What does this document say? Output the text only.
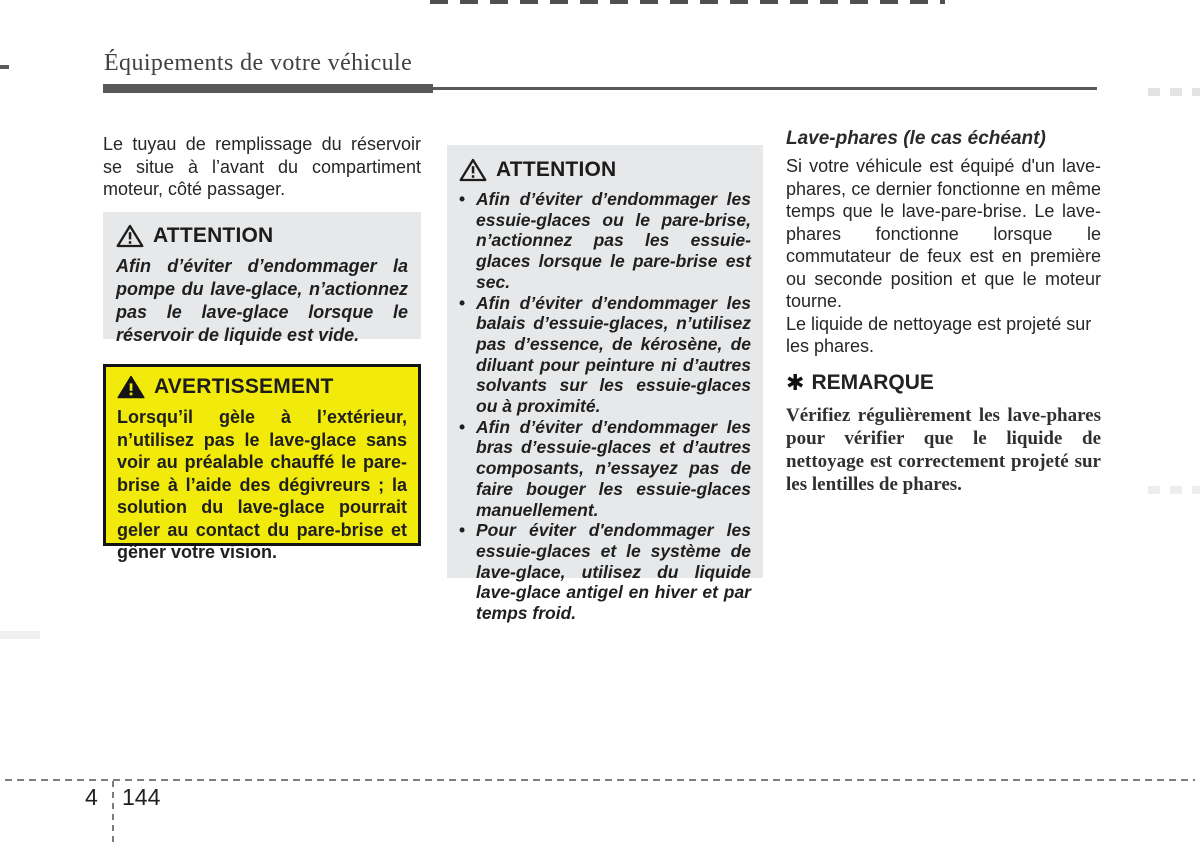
Équipements de votre véhicule

Le tuyau de remplissage du réservoir se situe à l’avant du compartiment moteur, côté passager.

ATTENTION

Afin d’éviter d’endommager la pompe du lave-glace, n’actionnez pas le lave-glace lorsque le réservoir de liquide est vide.

AVERTISSEMENT

Lorsqu’il gèle à l’extérieur, n’utilisez pas le lave-glace sans voir au préalable chauffé le pare-brise à l’aide des dégivreurs ; la solution du lave-glace pourrait geler au contact du pare-brise et gêner votre vision.

ATTENTION
• Afin d’éviter d’endommager les essuie-glaces ou le pare-brise, n’actionnez pas les essuie-glaces lorsque le pare-brise est sec.
• Afin d’éviter d’endommager les balais d’essuie-glaces, n’utilisez pas d’essence, de kérosène, de diluant pour peinture ni d’autres solvants sur les essuie-glaces ou à proximité.
• Afin d’éviter d’endommager les bras d’essuie-glaces et d’autres composants, n’essayez pas de faire bouger les essuie-glaces manuellement.
• Pour éviter d'endommager les essuie-glaces et le système de lave-glace, utilisez du liquide lave-glace antigel en hiver et par temps froid.
Lave-phares (le cas échéant)

Si votre véhicule est équipé d'un lave-phares, ce dernier fonctionne en même temps que le lave-pare-brise. Le lave-phares fonctionne lorsque le commutateur de feux est en première ou seconde position et que le moteur tourne.

Le liquide de nettoyage est projeté sur les phares.

✱ REMARQUE

Vérifiez régulièrement les lave-phares pour vérifier que le liquide de nettoyage est correctement projeté sur les lentilles de phares.

4 144
